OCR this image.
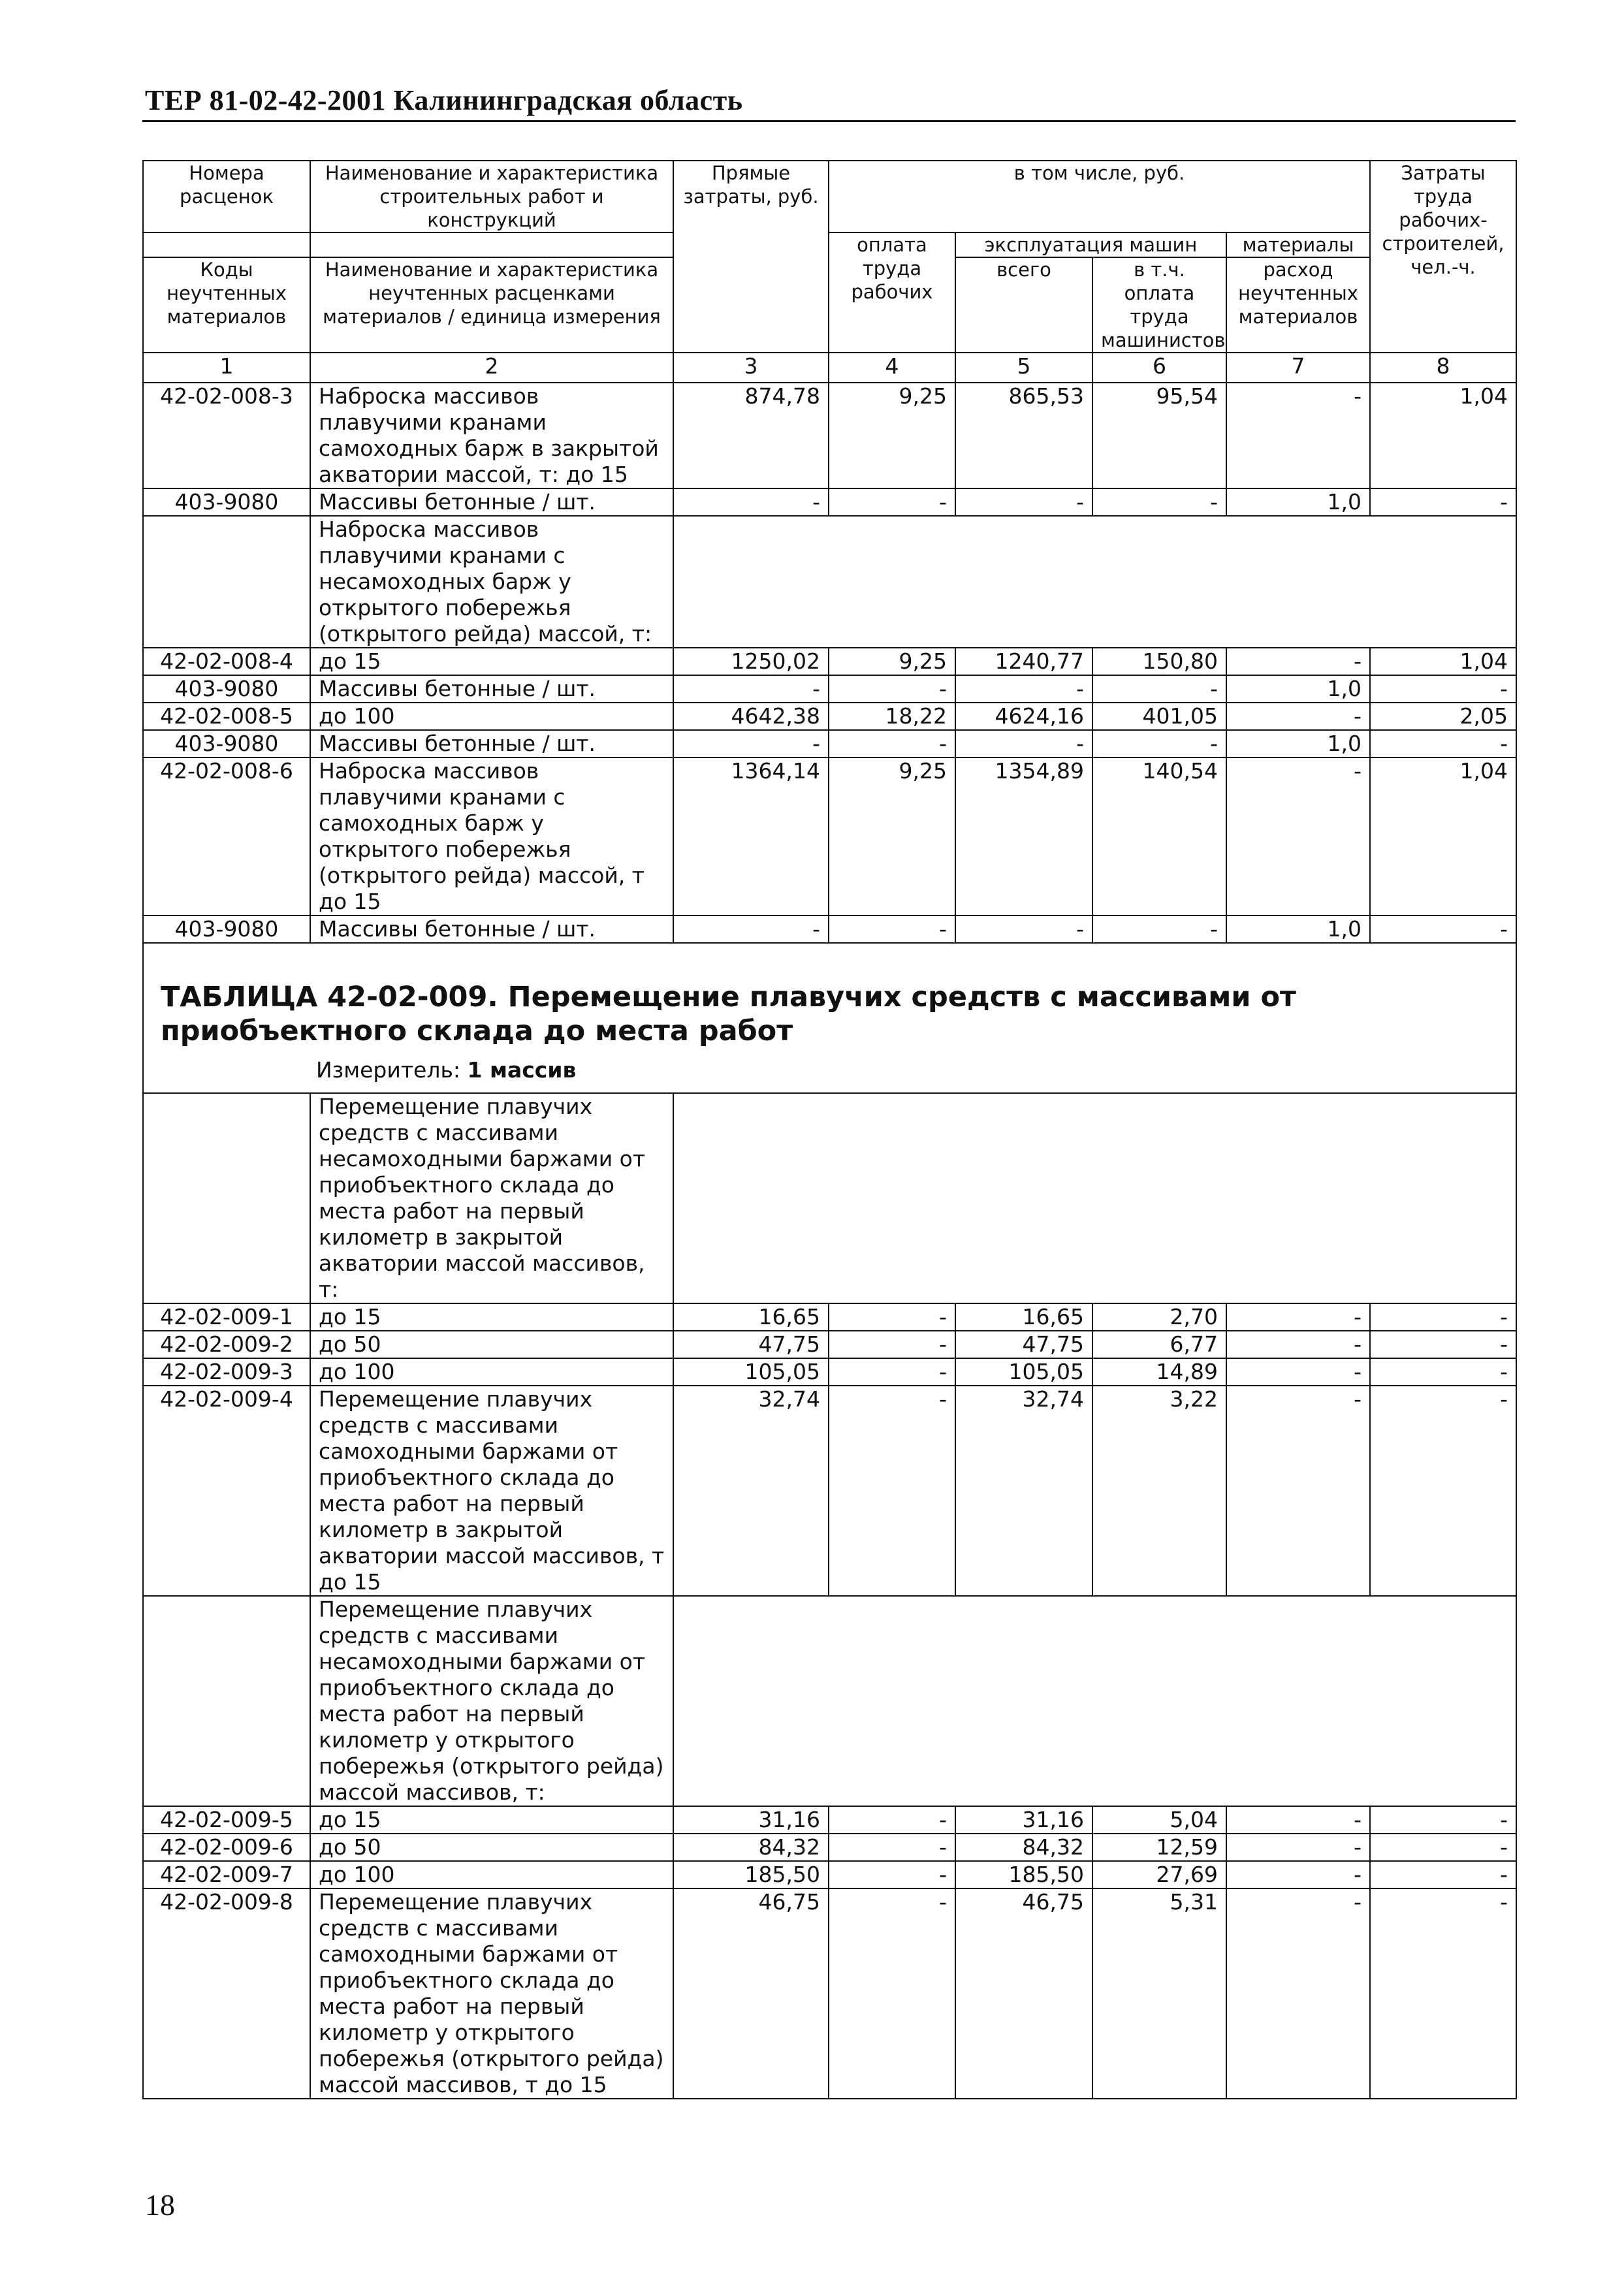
ТЕР 81-02-42-2001 Калининградская область
Номера расценок	Наименование и характеристика строительных работ и конструкций	Прямые затраты, руб.	в том числе, руб.				Затраты труда рабочих-строителей, чел.-ч.
			оплата труда рабочих	эксплуатация машин		материалы	
Коды неучтенных материалов	Наименование и характеристика неучтенных расценками материалов / единица измерения			всего	в т.ч. оплата труда машинистов	расход неучтенных материалов	

1	2	3	4	5	6	7	8
42-02-008-3	Наброска массивов плавучими кранами самоходных барж в закрытой акватории массой, т: до 15	874,78	9,25	865,53	95,54	-	1,04
403-9080	Массивы бетонные / шт.	-	-	-	-	1,0	-
	Наброска массивов плавучими кранами с несамоходных барж у открытого побережья (открытого рейда) массой, т:						
42-02-008-4	до 15	1250,02	9,25	1240,77	150,80	-	1,04
403-9080	Массивы бетонные / шт.	-	-	-	-	1,0	-
42-02-008-5	до 100	4642,38	18,22	4624,16	401,05	-	2,05
403-9080	Массивы бетонные / шт.	-	-	-	-	1,0	-
42-02-008-6	Наброска массивов плавучими кранами с самоходных барж у открытого побережья (открытого рейда) массой, т до 15	1364,14	9,25	1354,89	140,54	-	1,04
403-9080	Массивы бетонные / шт.	-	-	-	-	1,0	-

ТАБЛИЦА 42-02-009. Перемещение плавучих средств с массивами от приобъектного склада до места работ
Измеритель: 1 массив							

	Перемещение плавучих средств с массивами несамоходными баржами от приобъектного склада до места работ на первый километр в закрытой акватории массой массивов, т:						
42-02-009-1	до 15	16,65	-	16,65	2,70	-	-
42-02-009-2	до 50	47,75	-	47,75	6,77	-	-
42-02-009-3	до 100	105,05	-	105,05	14,89	-	-
42-02-009-4	Перемещение плавучих средств с массивами самоходными баржами от приобъектного склада до места работ на первый километр в закрытой акватории массой массивов, т до 15	32,74	-	32,74	3,22	-	-
	Перемещение плавучих средств с массивами несамоходными баржами от приобъектного склада до места работ на первый километр у открытого побережья (открытого рейда) массой массивов, т:						
42-02-009-5	до 15	31,16	-	31,16	5,04	-	-
42-02-009-6	до 50	84,32	-	84,32	12,59	-	-
42-02-009-7	до 100	185,50	-	185,50	27,69	-	-
42-02-009-8	Перемещение плавучих средств с массивами самоходными баржами от приобъектного склада до места работ на первый километр у открытого побережья (открытого рейда) массой массивов, т до 15	46,75	-	46,75	5,31	-	-
18
